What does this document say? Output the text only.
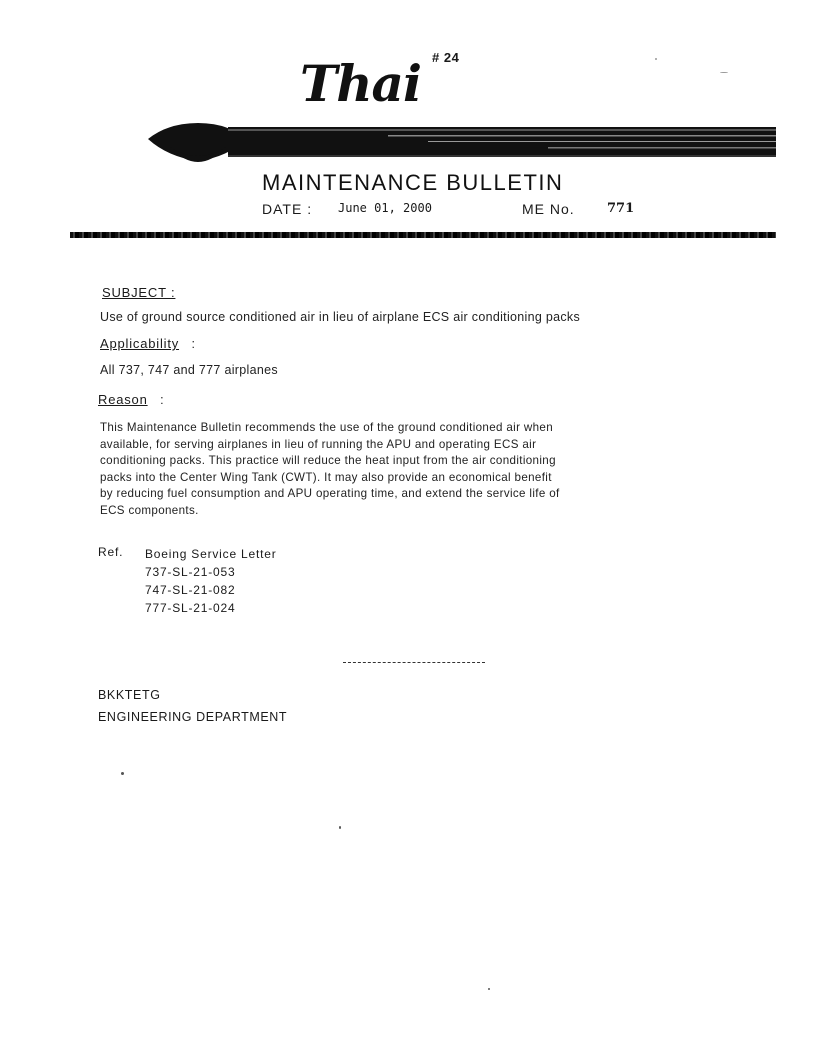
# 24
Thai
MAINTENANCE BULLETIN
DATE : June 01, 2000	ME No. 771
SUBJECT :
Use of ground source conditioned air in lieu of airplane ECS air conditioning packs
Applicability :
All 737, 747 and 777 airplanes
Reason :
This Maintenance Bulletin recommends the use of the ground conditioned air when
available, for serving airplanes in lieu of running the APU and operating ECS air
conditioning packs. This practice will reduce the heat input from the air conditioning
packs into the Center Wing Tank (CWT). It may also provide an economical benefit
by reducing fuel consumption and APU operating time, and extend the service life of
ECS components.
Ref. Boeing Service Letter
737-SL-21-053
747-SL-21-082
777-SL-21-024
BKKTETG
ENGINEERING DEPARTMENT
